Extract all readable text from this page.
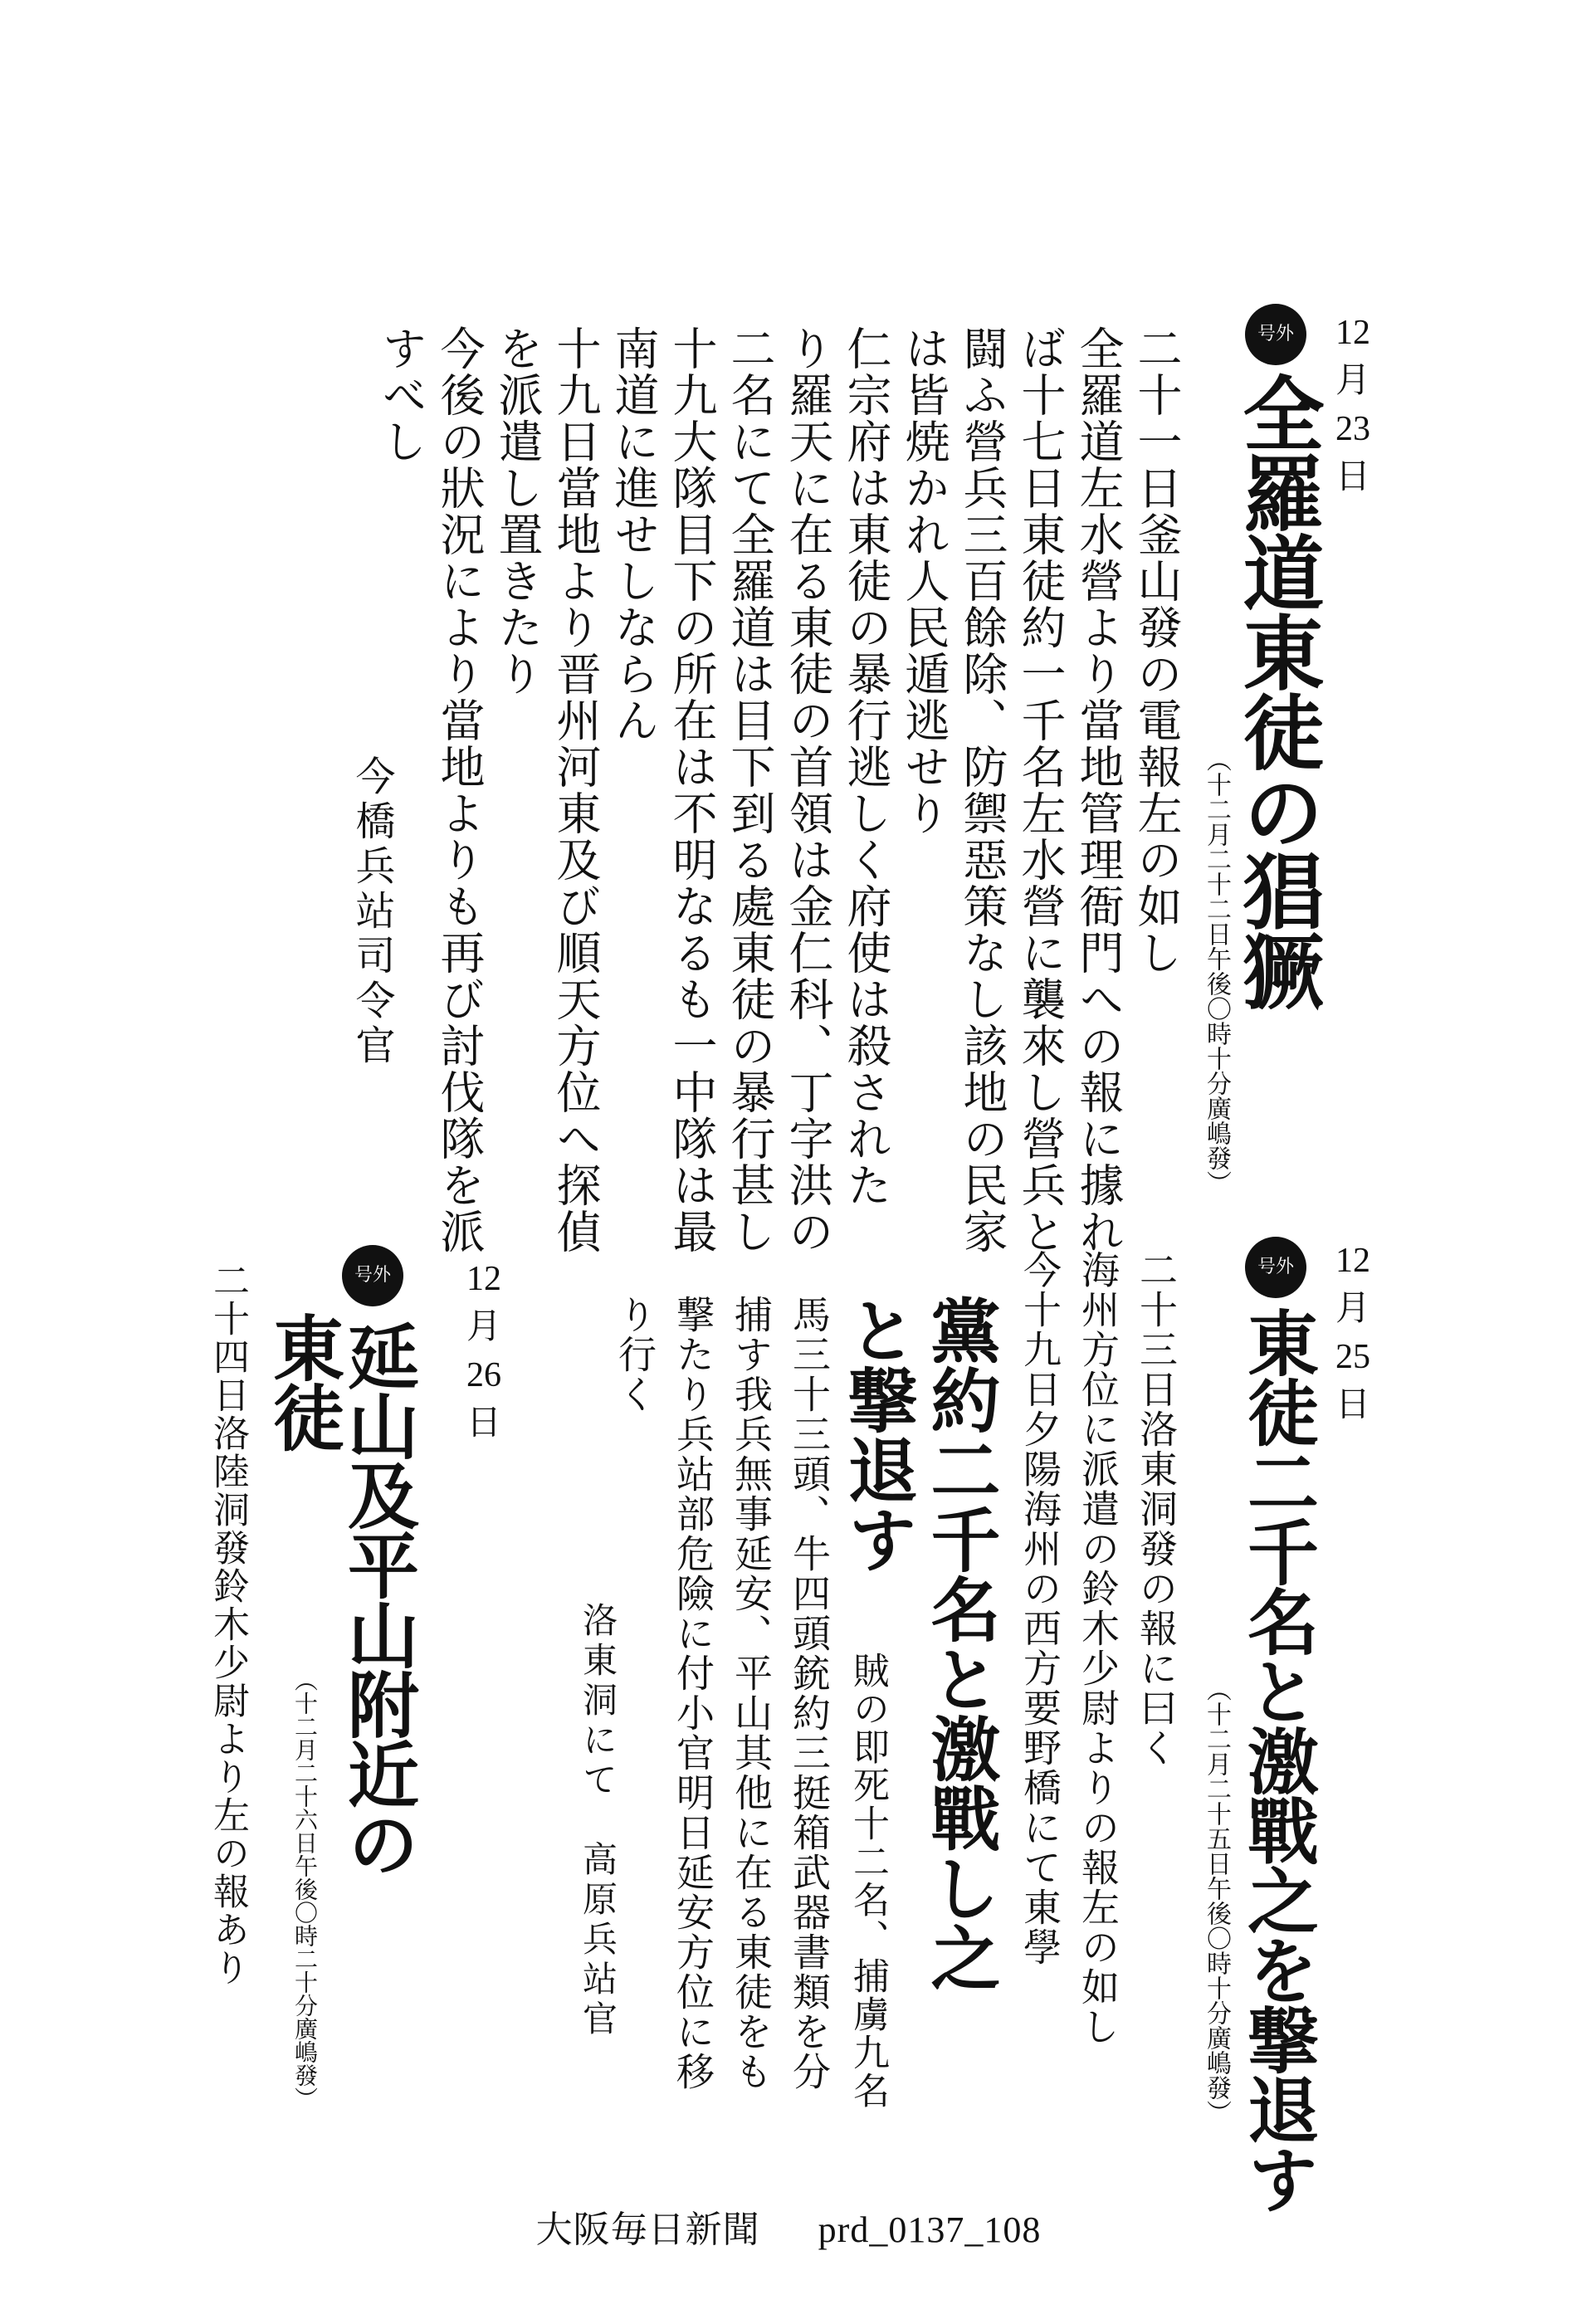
12
月
23
日
号外
全羅道東徒の猖獗
（十二月二十二日午後〇時十分廣嶋發）
二十一日釜山發の電報左の如し
全羅道左水營より當地管理衙門への報に據れ
ば十七日東徒約一千名左水營に襲來し營兵と
闘ふ營兵三百餘除、防禦惡策なし該地の民家
は皆焼かれ人民遁逃せり
仁宗府は東徒の暴行逃しく府使は殺された
り羅天に在る東徒の首領は金仁科、丁字洪の
二名にて全羅道は目下到る處東徒の暴行甚し
十九大隊目下の所在は不明なるも一中隊は最
南道に進せしならん
十九日當地より晋州河東及び順天方位へ探偵
を派遣し置きたり
今後の狀況により當地よりも再び討伐隊を派
すべし
今橋兵站司令官
12
月
25
日
号外
東徒二千名と激戰之を撃退す
（十二月二十五日午後〇時十分廣嶋發）
二十三日洛東洞發の報に曰く
海州方位に派遣の鈴木少尉よりの報左の如し
今十九日夕陽海州の西方要野橋にて東學
黨約二千名と激戰し之
と撃退す
賊の即死十二名、捕虜九名
馬三十三頭、牛四頭銃約三挺箱武器書類を分
捕す我兵無事延安、平山其他に在る東徒をも
撃たり兵站部危險に付小官明日延安方位に移
り行く
洛東洞にて　高原兵站官
12
月
26
日
号外
延山及平山附近の
東徒
（十二月二十六日午後〇時二十分廣嶋發）
二十四日洛陸洞發鈴木少尉より左の報あり
大阪毎日新聞 prd_0137_108
